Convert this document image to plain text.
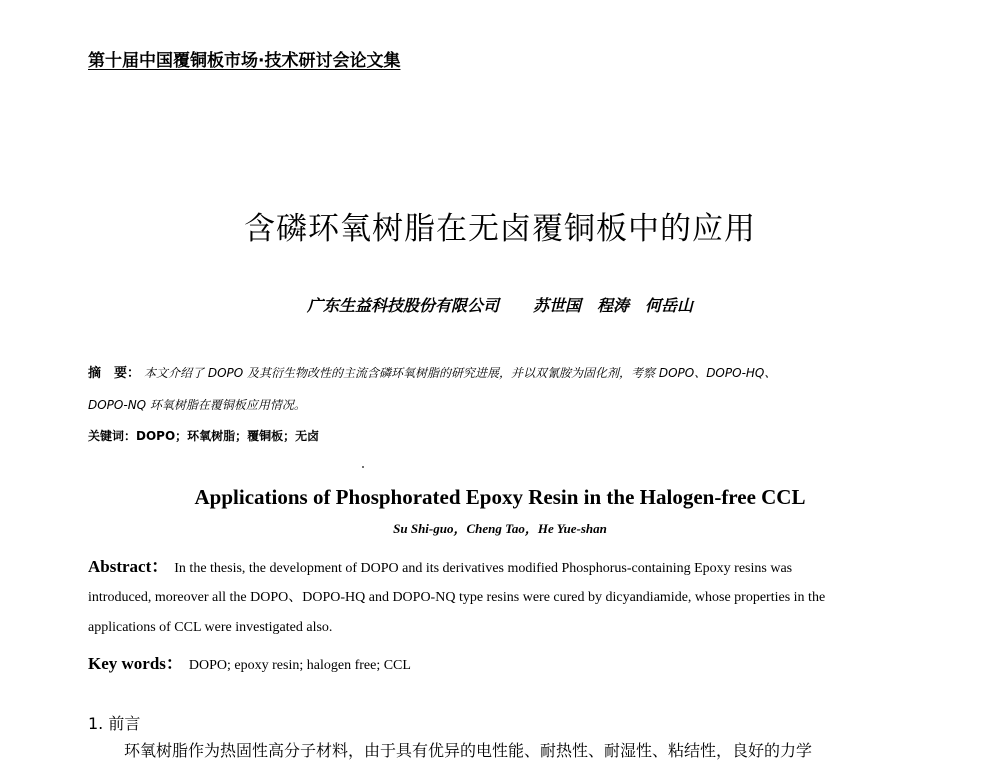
第十届中国覆铜板市场·技术研讨会论文集
含磷环氧树脂在无卤覆铜板中的应用
广东生益科技股份有限公司 苏世国　程涛　何岳山
摘　要： 本文介绍了 DOPO 及其衍生物改性的主流含磷环氧树脂的研究进展，并以双氰胺为固化剂，考察 DOPO、DOPO-HQ、
DOPO-NQ 环氧树脂在覆铜板应用情况。
关键词：DOPO；环氧树脂；覆铜板；无卤
Applications of Phosphorated Epoxy Resin in the Halogen-free CCL
Su Shi-guo，Cheng Tao，He Yue-shan
Abstract： In the thesis, the development of DOPO and its derivatives modified Phosphorus-containing Epoxy resins was
introduced, moreover all the DOPO、DOPO-HQ and DOPO-NQ type resins were cured by dicyandiamide, whose properties in the
applications of CCL were investigated also.
Key words： DOPO; epoxy resin; halogen free; CCL
1. 前言
环氧树脂作为热固性高分子材料，由于具有优异的电性能、耐热性、耐湿性、粘结性，良好的力学
